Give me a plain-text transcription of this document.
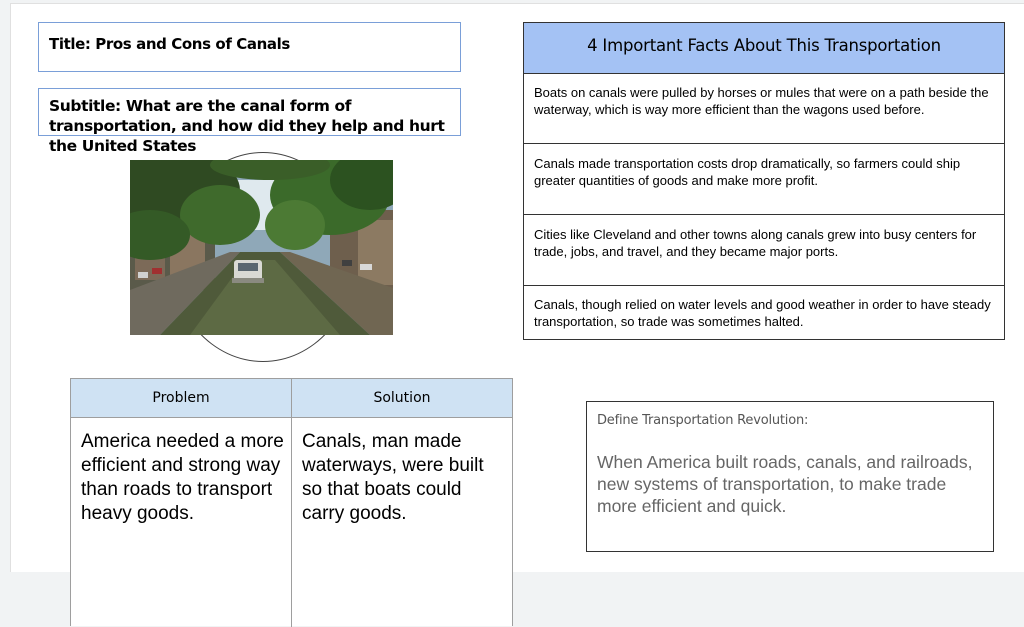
Title: Pros and Cons of Canals
Subtitle: What are the canal form of transportation, and how did they help and hurt the United States
4 Important Facts About This Transportation
Boats on canals were pulled by horses or mules that were on a path beside the waterway, which is way more efficient than the wagons used before.
Canals made transportation costs drop dramatically, so farmers could ship greater quantities of goods and make more profit.
Cities like Cleveland and other towns along canals grew into busy centers for trade, jobs, and travel, and they became major ports.
Canals, though relied on water levels and good weather in order to have steady transportation, so trade was sometimes halted.
Problem	Solution
America needed a more efficient and strong way than roads to transport heavy goods.
Canals, man made waterways, were built so that boats could carry goods.
Define Transportation Revolution:
When America built roads, canals, and railroads, new systems of transportation, to make trade more efficient and quick.
